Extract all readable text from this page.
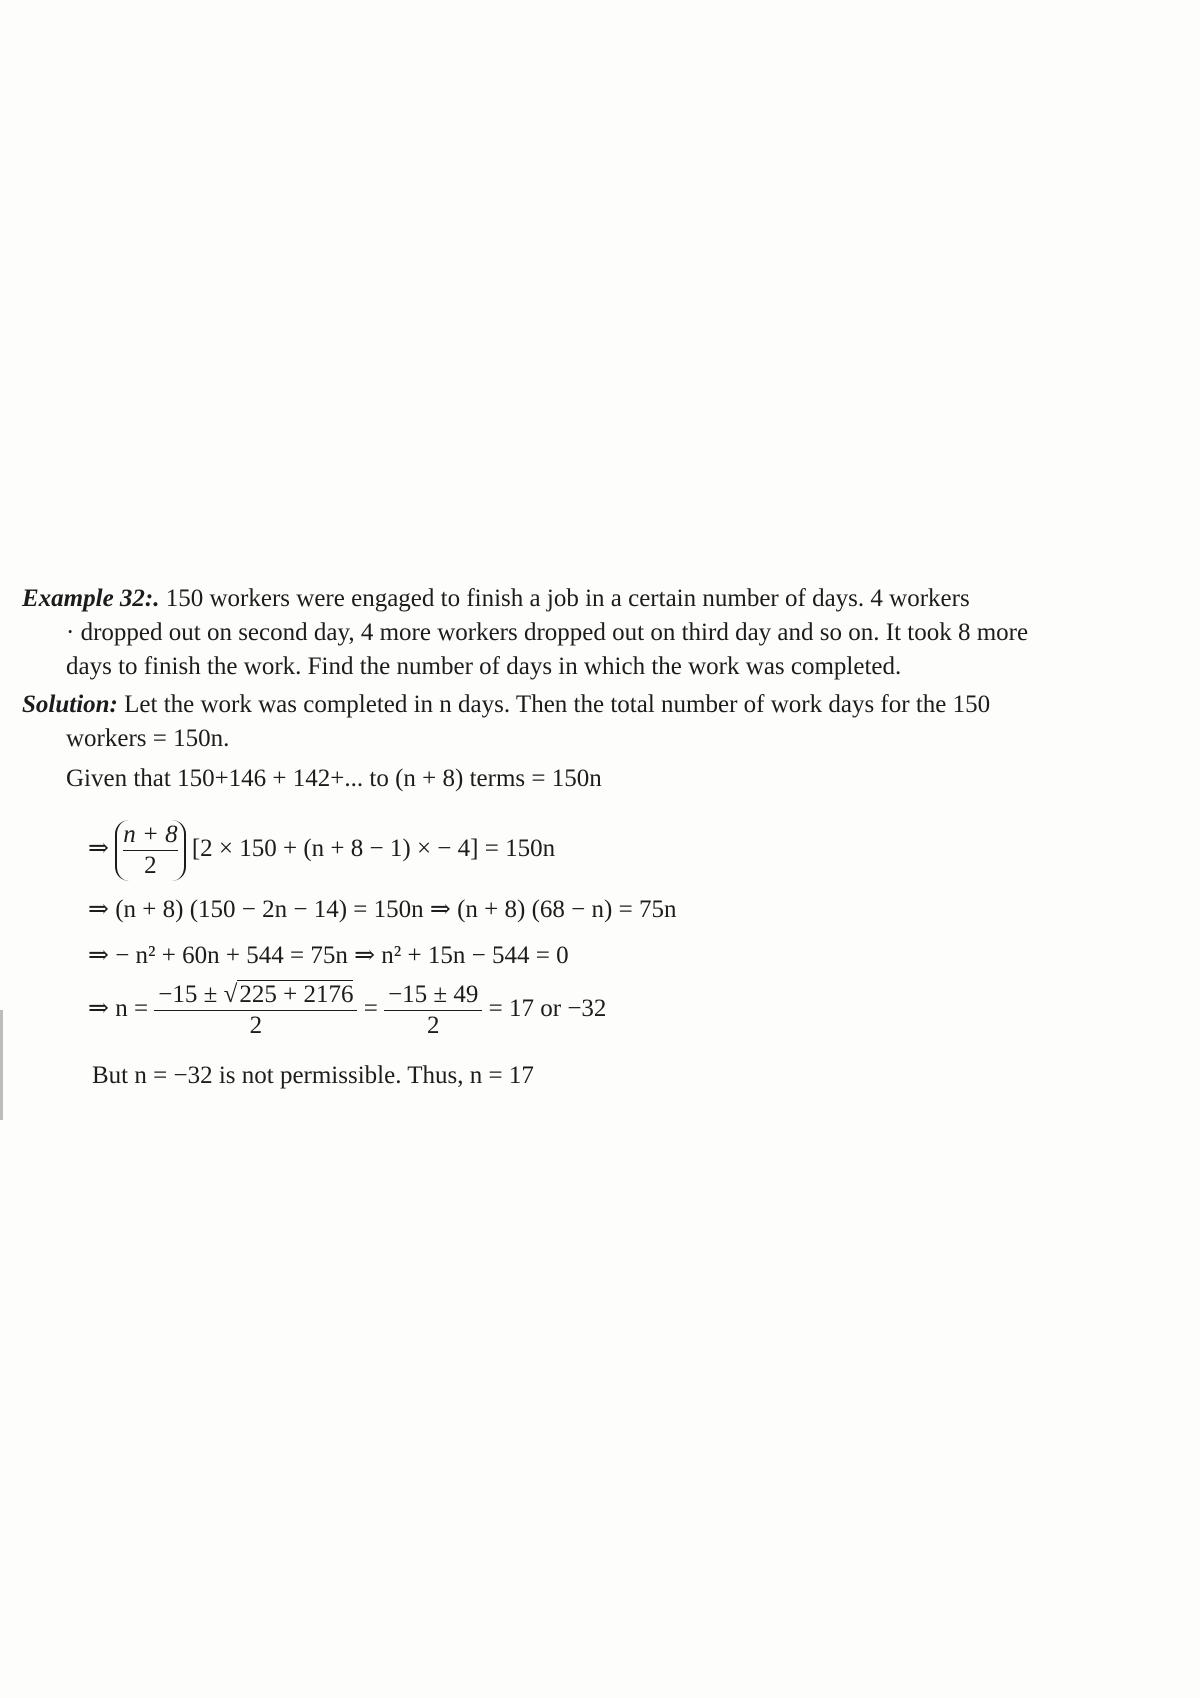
Example 32:. 150 workers were engaged to finish a job in a certain number of days. 4 workers

· dropped out on second day, 4 more workers dropped out on third day and so on. It took 8 more

days to finish the work. Find the number of days in which the work was completed.

Solution: Let the work was completed in n days. Then the total number of work days for the 150

workers = 150n.

Given that 150+146 + 142+... to (n + 8) terms = 150n

⇒ $\frac{n + 8}{2} [2 \times 150 + (n + 8 - 1)$ × − 4] = 150n
⇒ (n + 8) (150 − 2n − 14) = 150n ⇒ (n + 8) (68 − n) = 75n
⇒ − n² + 60n + 544 = 75n ⇒ n² + 15n − 544 = 0
⇒ $n = \frac{-15 \pm √225 + 2176}{2} = \frac{-15 \pm 49}{2} = 17$ or −32
But n = −32 is not permissible. Thus, n = 17
